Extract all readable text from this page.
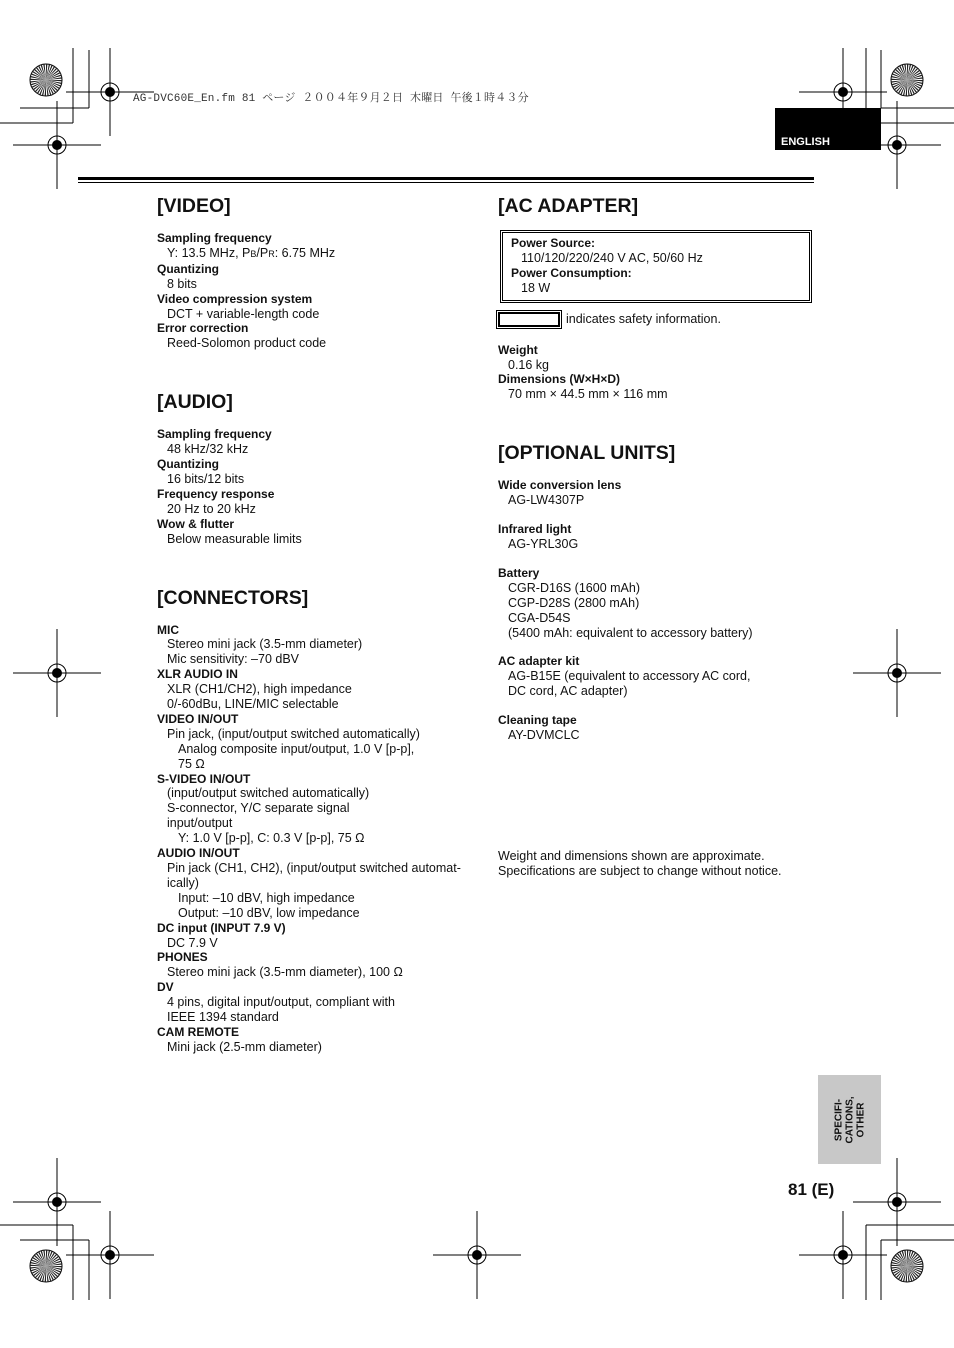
AG-DVC60E_En.fm 81 ページ ２００４年９月２日 木曜日 午後１時４３分
ENGLISH
[VIDEO]
Sampling frequency
Y: 13.5 MHz, PB/PR: 6.75 MHz
Quantizing
8 bits
Video compression system
DCT + variable-length code
Error correction
Reed-Solomon product code
[AUDIO]
Sampling frequency
48 kHz/32 kHz
Quantizing
16 bits/12 bits
Frequency response
20 Hz to 20 kHz
Wow & flutter
Below measurable limits
[CONNECTORS]
MIC
Stereo mini jack (3.5-mm diameter)
Mic sensitivity: –70 dBV
XLR AUDIO IN
XLR (CH1/CH2), high impedance
0/-60dBu, LINE/MIC selectable
VIDEO IN/OUT
Pin jack, (input/output switched automatically)
Analog composite input/output, 1.0 V [p-p],
75 Ω
S-VIDEO IN/OUT
(input/output switched automatically)
S-connector, Y/C separate signal
input/output
Y: 1.0 V [p-p], C: 0.3 V [p-p], 75 Ω
AUDIO IN/OUT
Pin jack (CH1, CH2), (input/output switched automat-
ically)
Input: –10 dBV, high impedance
Output: –10 dBV, low impedance
DC input (INPUT 7.9 V)
DC 7.9 V
PHONES
Stereo mini jack (3.5-mm diameter), 100 Ω
DV
4 pins, digital input/output, compliant with
IEEE 1394 standard
CAM REMOTE
Mini jack (2.5-mm diameter)
[AC ADAPTER]
Power Source:
110/120/220/240 V AC, 50/60 Hz
Power Consumption:
18 W
indicates safety information.
Weight
0.16 kg
Dimensions (W×H×D)
70 mm × 44.5 mm × 116 mm
[OPTIONAL UNITS]
Wide conversion lens
AG-LW4307P
Infrared light
AG-YRL30G
Battery
CGR-D16S (1600 mAh)
CGP-D28S (2800 mAh)
CGA-D54S
(5400 mAh: equivalent to accessory battery)
AC adapter kit
AG-B15E (equivalent to accessory AC cord,
DC cord, AC adapter)
Cleaning tape
AY-DVMCLC
Weight and dimensions shown are approximate.
Specifications are subject to change without notice.
SPECIFI- CATIONS, OTHER
81 (E)
